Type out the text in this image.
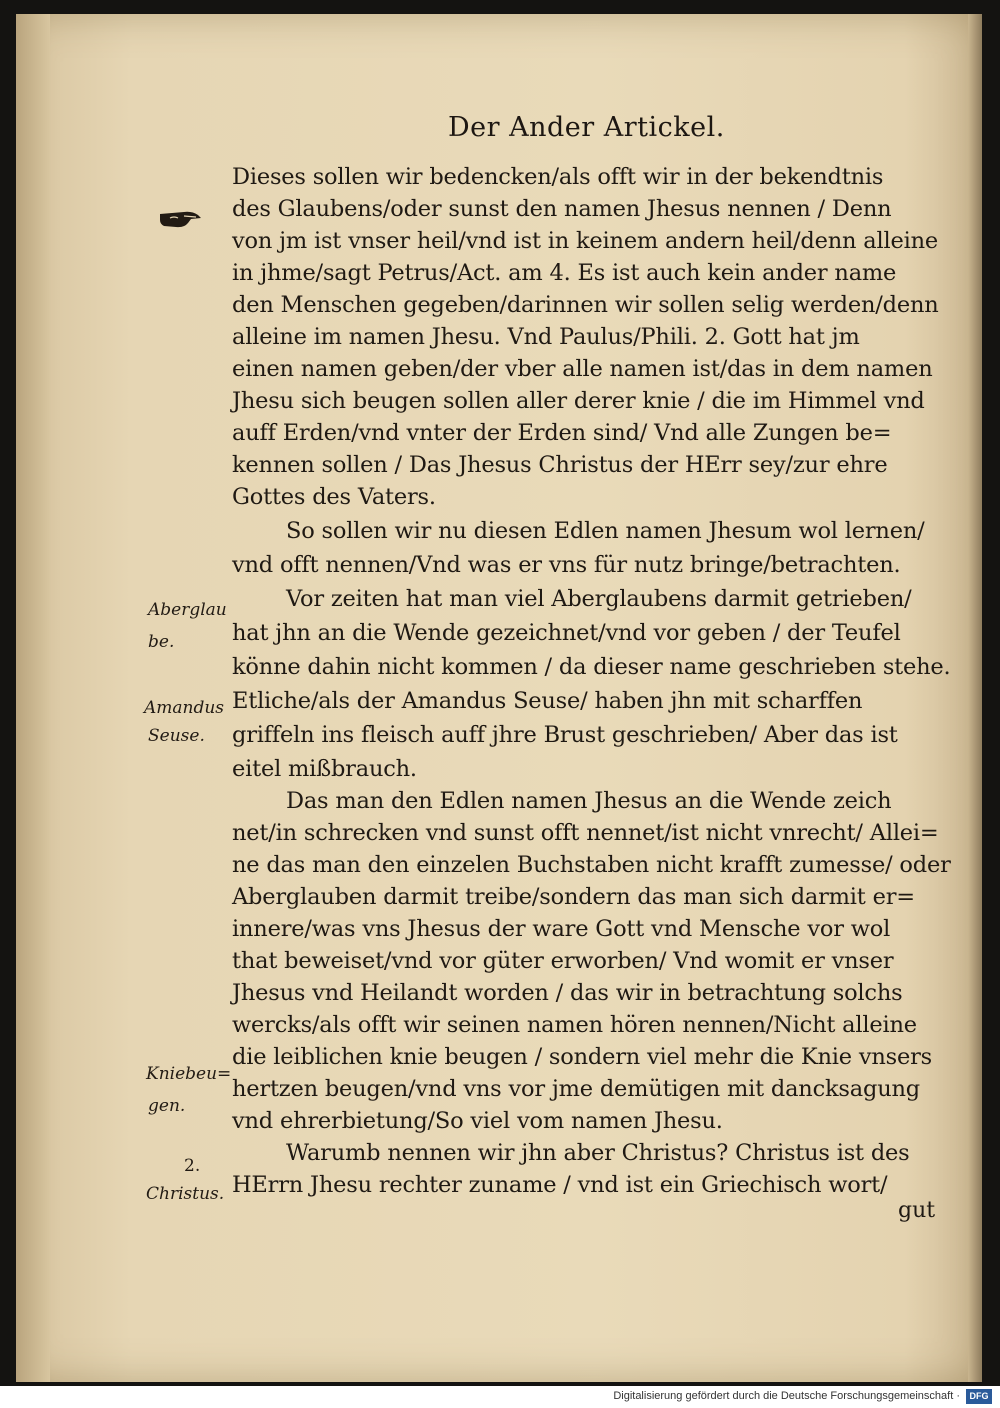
Der Ander Artickel.
Dieses sollen wir bedencken/als offt wir in der bekendtnis
des Glaubens/oder sunst den namen Jhesus nennen / Denn
von jm ist vnser heil/vnd ist in keinem andern heil/denn alleine
in jhme/sagt Petrus/Act. am 4. Es ist auch kein ander name
den Menschen gegeben/darinnen wir sollen selig werden/denn
alleine im namen Jhesu. Vnd Paulus/Phili. 2. Gott hat jm
einen namen geben/der vber alle namen ist/das in dem namen
Jhesu sich beugen sollen aller derer knie / die im Himmel vnd
auff Erden/vnd vnter der Erden sind/ Vnd alle Zungen be=
kennen sollen / Das Jhesus Christus der HErr sey/zur ehre
Gottes des Vaters.
So sollen wir nu diesen Edlen namen Jhesum wol lernen/
vnd offt nennen/Vnd was er vns für nutz bringe/betrachten.
Vor zeiten hat man viel Aberglaubens darmit getrieben/
hat jhn an die Wende gezeichnet/vnd vor geben / der Teufel
könne dahin nicht kommen / da dieser name geschrieben stehe.
Etliche/als der Amandus Seuse/ haben jhn mit scharffen
griffeln ins fleisch auff jhre Brust geschrieben/ Aber das ist
eitel mißbrauch.
Das man den Edlen namen Jhesus an die Wende zeich
net/in schrecken vnd sunst offt nennet/ist nicht vnrecht/ Allei=
ne das man den einzelen Buchstaben nicht krafft zumesse/ oder
Aberglauben darmit treibe/sondern das man sich darmit er=
innere/was vns Jhesus der ware Gott vnd Mensche vor wol
that beweiset/vnd vor güter erworben/ Vnd womit er vnser
Jhesus vnd Heilandt worden / das wir in betrachtung solchs
wercks/als offt wir seinen namen hören nennen/Nicht alleine
die leiblichen knie beugen / sondern viel mehr die Knie vnsers
hertzen beugen/vnd vns vor jme demütigen mit dancksagung
vnd ehrerbietung/So viel vom namen Jhesu.
Warumb nennen wir jhn aber Christus? Christus ist des
HErrn Jhesu rechter zuname / vnd ist ein Griechisch wort/
gut
Aberglau
be.
Amandus
Seuse.
Kniebeu=
gen.
2.
Christus.
Digitalisierung gefördert durch die Deutsche Forschungsgemeinschaft ·	DFG
